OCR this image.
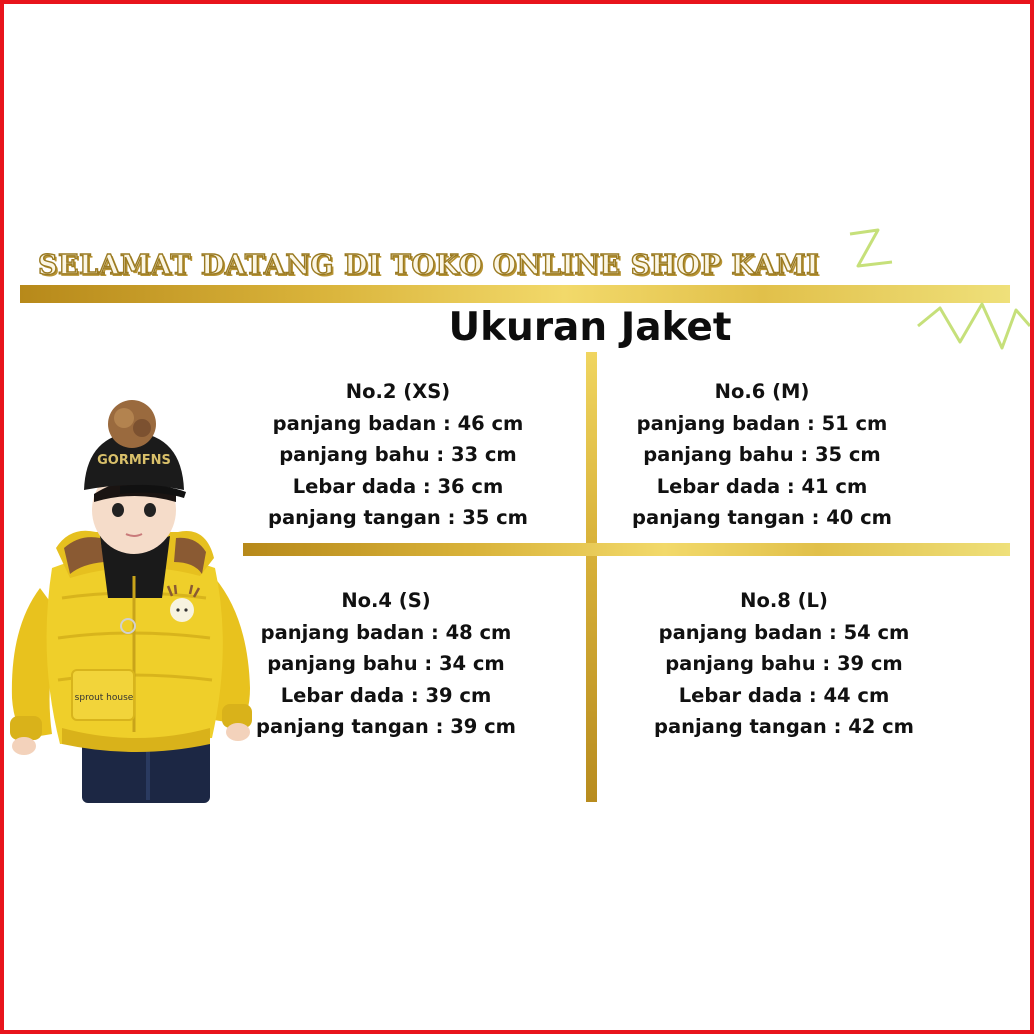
SELAMAT DATANG DI TOKO ONLINE SHOP KAMI
Ukuran Jaket
sprout house
GORMFNS
No.2 (XS)
panjang badan : 46 cm
panjang bahu : 33 cm
Lebar dada : 36 cm
panjang tangan : 35 cm
No.6 (M)
panjang badan : 51 cm
panjang bahu : 35 cm
Lebar dada : 41 cm
panjang tangan : 40 cm
No.4 (S)
panjang badan : 48 cm
panjang bahu : 34 cm
Lebar dada : 39 cm
panjang tangan : 39 cm
No.8 (L)
panjang badan : 54 cm
panjang bahu : 39 cm
Lebar dada : 44 cm
panjang tangan : 42 cm
